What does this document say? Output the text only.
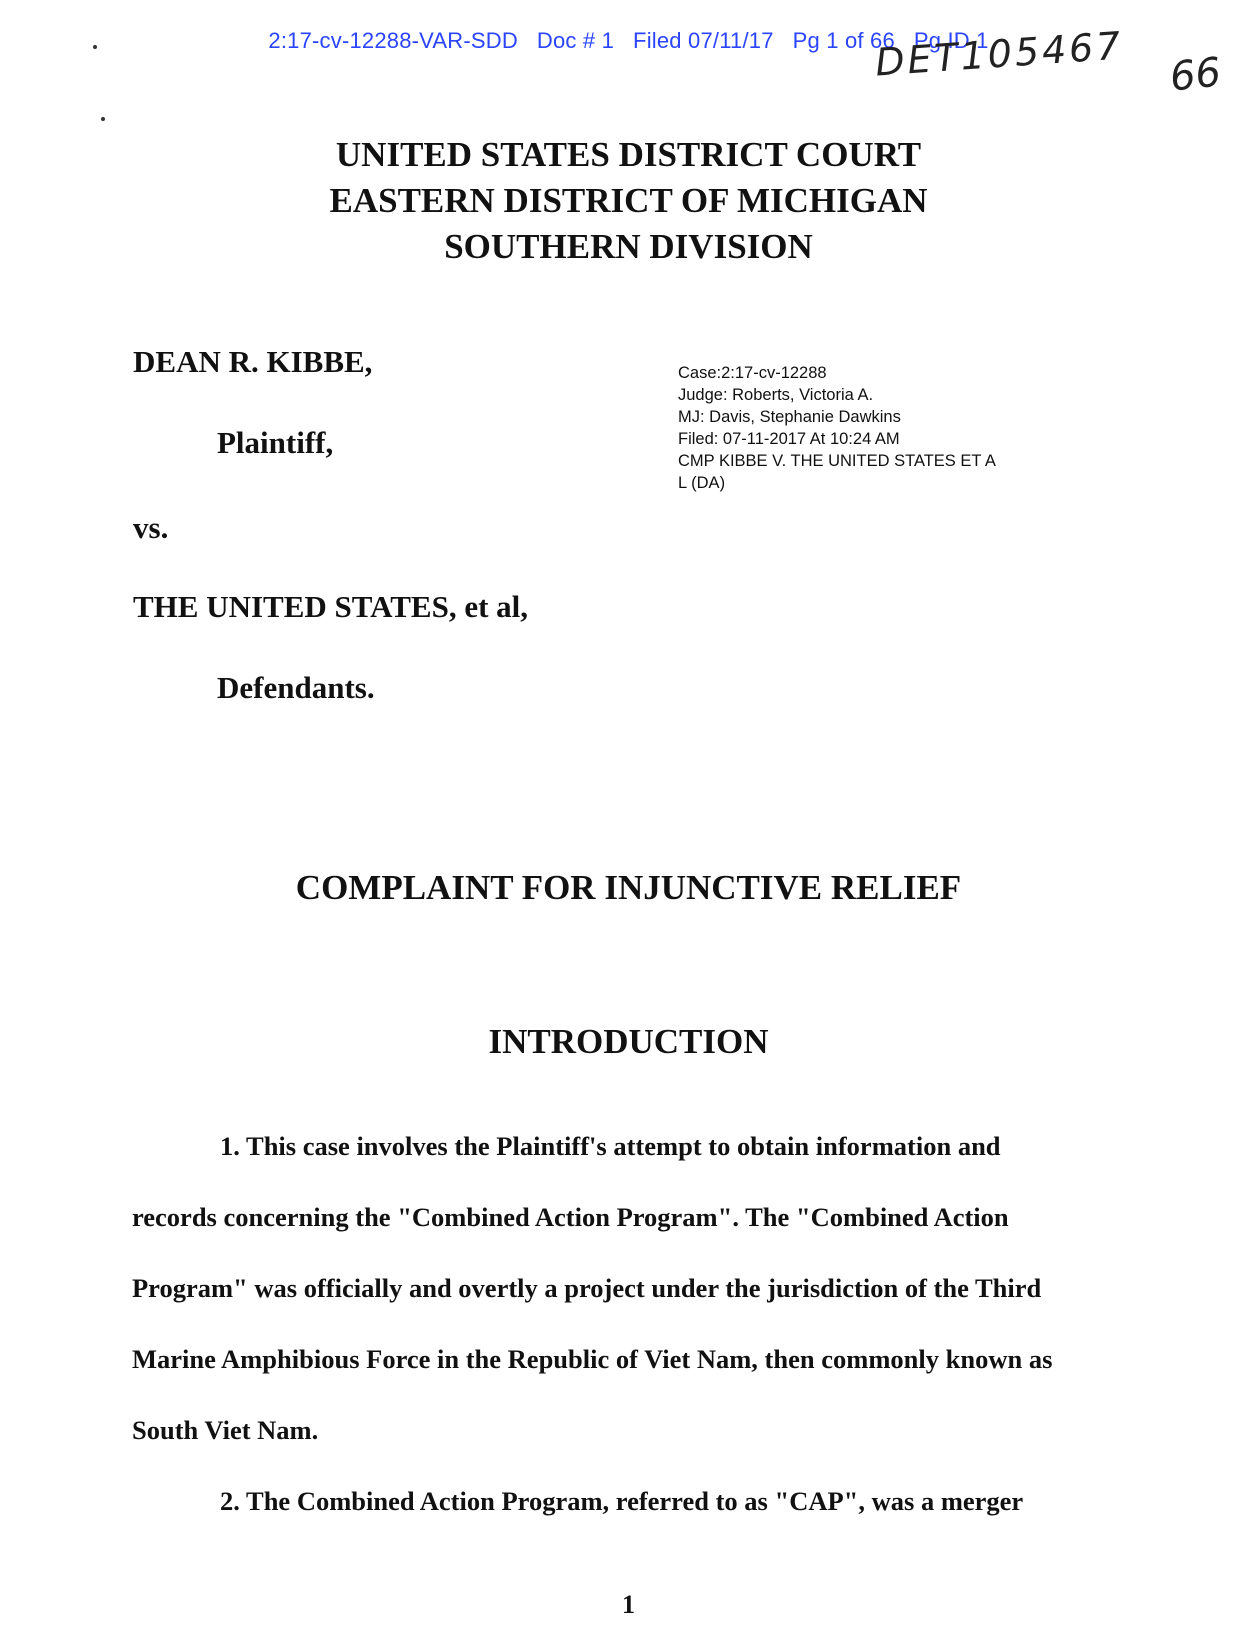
2:17-cv-12288-VAR-SDD   Doc # 1   Filed 07/11/17   Pg 1 of 66   Pg ID 1
DET105467 66
UNITED STATES DISTRICT COURT
EASTERN DISTRICT OF MICHIGAN
SOUTHERN DIVISION
DEAN R. KIBBE,
Plaintiff,
vs.
THE UNITED STATES, et al,
Defendants.
Case:2:17-cv-12288
Judge: Roberts, Victoria A.
MJ: Davis, Stephanie Dawkins
Filed: 07-11-2017 At 10:24 AM
CMP KIBBE V. THE UNITED STATES ET A
L (DA)
COMPLAINT FOR INJUNCTIVE RELIEF
INTRODUCTION
1. This case involves the Plaintiff's attempt to obtain information and
records concerning the "Combined Action Program". The "Combined Action
Program" was officially and overtly a project under the jurisdiction of the Third
Marine Amphibious Force in the Republic of Viet Nam, then commonly known as
South Viet Nam.
2. The Combined Action Program, referred to as "CAP", was a merger
1
